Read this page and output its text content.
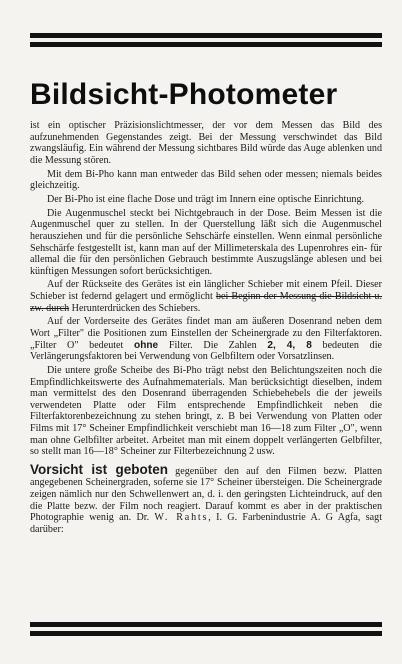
Bildsicht-Photometer

ist ein optischer Präzisionslichtmesser, der vor dem Messen das Bild des aufzunehmenden Gegenstandes zeigt. Bei der Messung verschwindet das Bild zwangsläufig. Ein während der Messung sichtbares Bild würde das Auge ablenken und die Messung stören.

Mit dem Bi-Pho kann man entweder das Bild sehen oder messen; niemals beides gleichzeitig.

Der Bi-Pho ist eine flache Dose und trägt im Innern eine optische Einrichtung.

Die Augenmuschel steckt bei Nichtgebrauch in der Dose. Beim Messen ist die Augenmuschel quer zu stellen. In der Querstellung läßt sich die Augenmuschel herausziehen und für die persönliche Sehschärfe einstellen. Wenn einmal persönliche Sehschärfe festgestellt ist, kann man auf der Millimeterskala des Lupenrohres ein- für allemal die für den persönlichen Gebrauch bestimmte Auszugslänge ablesen und bei künftigen Messungen sofort berücksichtigen.

Auf der Rückseite des Gerätes ist ein länglicher Schieber mit einem Pfeil. Dieser Schieber ist federnd gelagert und ermöglicht bei Beginn der Messung die Bildsicht u. zw. durch Herunterdrücken des Schiebers.

Auf der Vorderseite des Gerätes findet man am äußeren Dosenrand neben dem Wort „Filter" die Positionen zum Einstellen der Scheinergrade zu den Filterfaktoren. „Filter O" bedeutet ohne Filter. Die Zahlen 2, 4, 8 bedeuten die Verlängerungsfaktoren bei Verwendung von Gelbfiltern oder Vorsatzlinsen.

Die untere große Scheibe des Bi-Pho trägt nebst den Belichtungszeiten noch die Empfindlichkeitswerte des Aufnahmematerials. Man berücksichtigt dieselben, indem man vermittelst des den Dosenrand überragenden Schiebehebels die der jeweils verwendeten Platte oder Film entsprechende Empfindlichkeit neben die Filterfaktorenbezeichnung zu stehen bringt, z. B bei Verwendung von Platten oder Films mit 17° Scheiner Empfindlichkeit verschiebt man 16—18 zum Filter „O", wenn man ohne Gelbfilter arbeitet. Arbeitet man mit einem doppelt verlängerten Gelbfilter, so stellt man 16—18° Scheiner zur Filterbezeichnung 2 usw.

Vorsicht ist geboten gegenüber den auf den Filmen bezw. Platten angegebenen Scheinergraden, soferne sie 17° Scheiner übersteigen. Die Scheinergrade zeigen nämlich nur den Schwellenwert an, d. i. den geringsten Lichteindruck, auf den die Platte bezw. der Film noch reagiert. Darauf kommt es aber in der praktischen Photographie wenig an. Dr. W. Rahts, I. G. Farbenindustrie A. G Agfa, sagt darüber:
